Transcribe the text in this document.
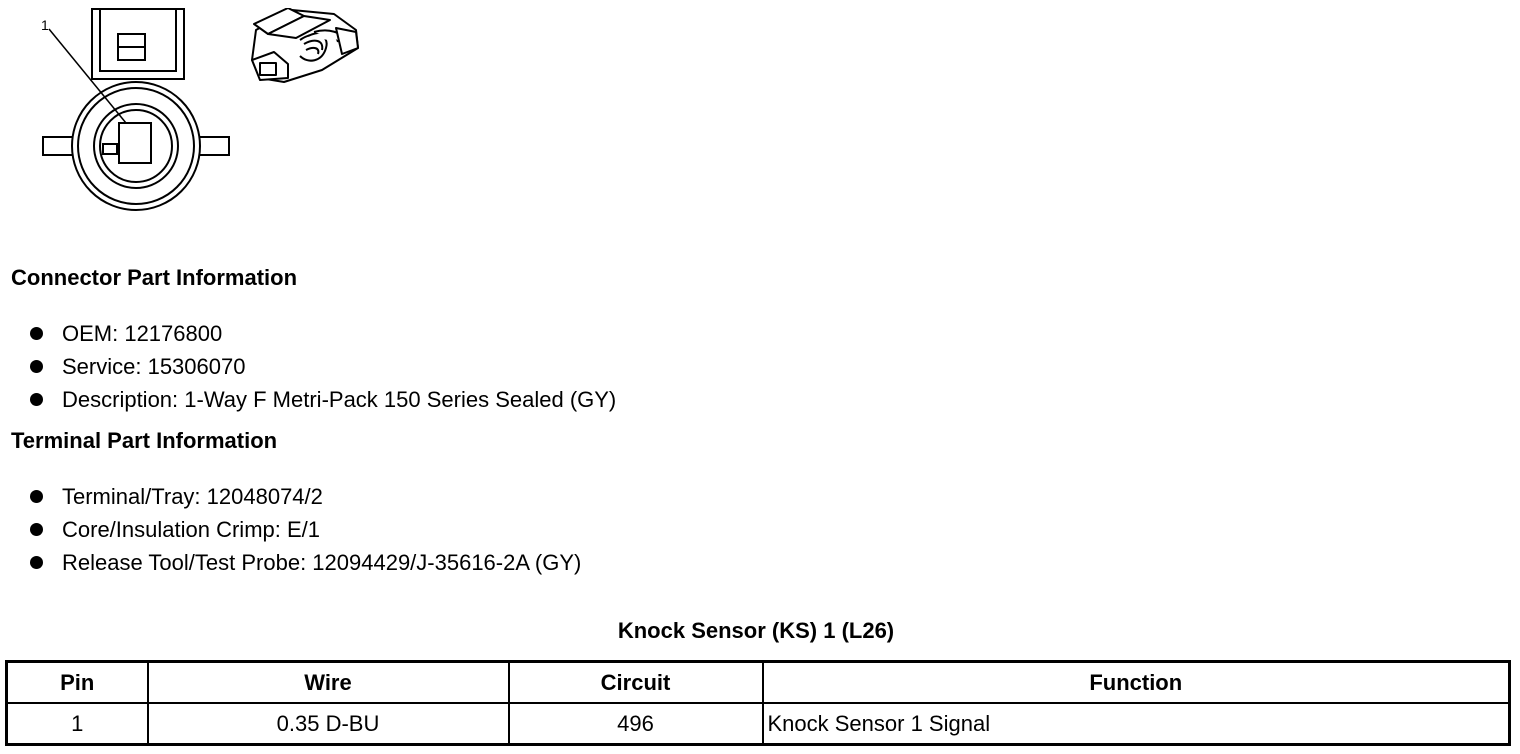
1
Connector Part Information
OEM: 12176800
Service: 15306070
Description: 1-Way F Metri-Pack 150 Series Sealed (GY)
Terminal Part Information
Terminal/Tray: 12048074/2
Core/Insulation Crimp: E/1
Release Tool/Test Probe: 12094429/J-35616-2A (GY)
Knock Sensor (KS) 1 (L26)
Pin	Wire	Circuit	Function
1	0.35 D-BU	496	Knock Sensor 1 Signal
